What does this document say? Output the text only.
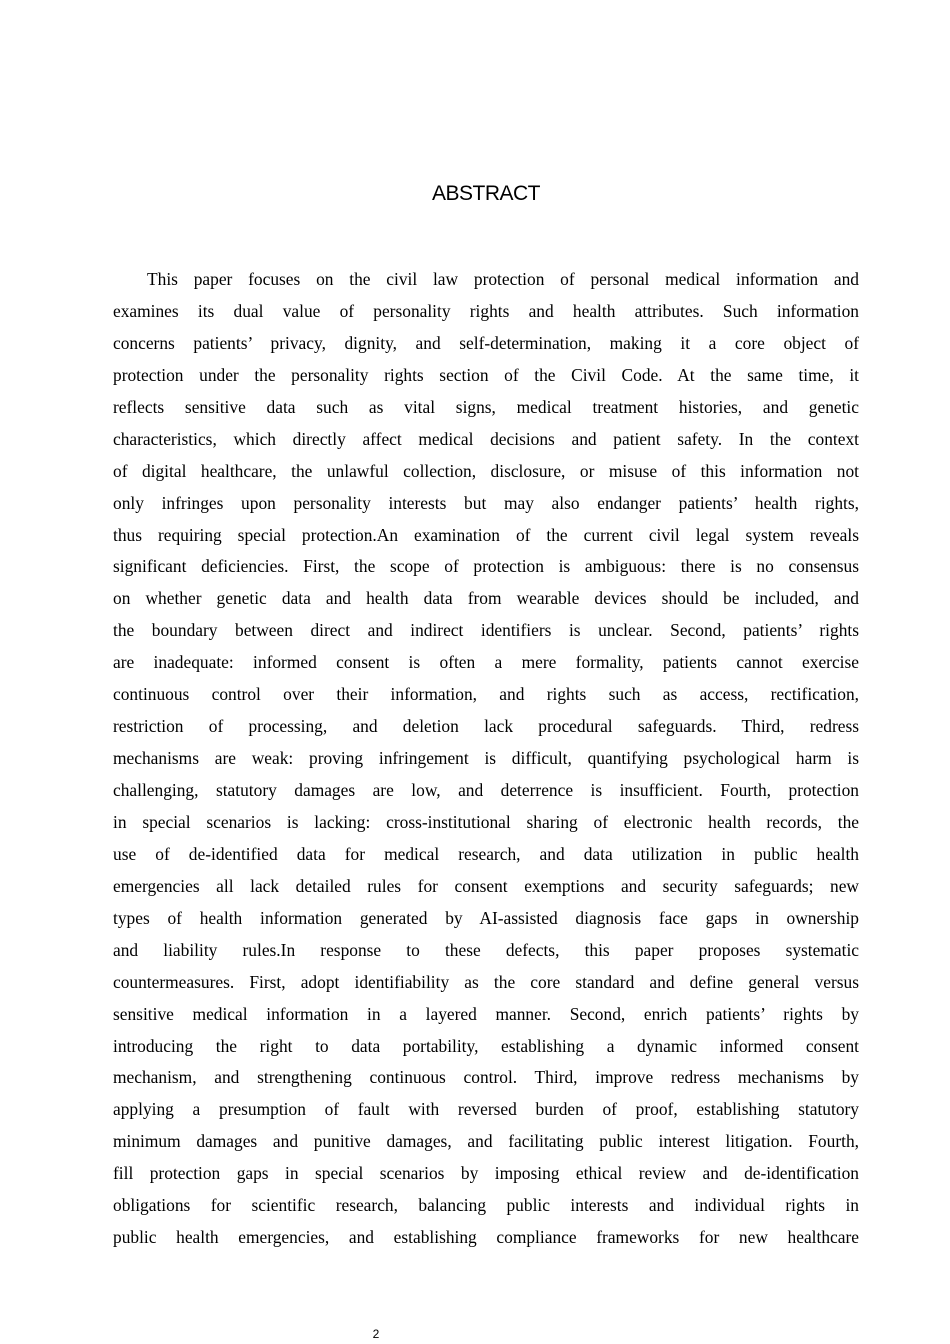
ABSTRACT
This paper focuses on the civil law protection of personal medical information and
examines its dual value of personality rights and health attributes. Such information
concerns patients’ privacy, dignity, and self-determination, making it a core object of
protection under the personality rights section of the Civil Code. At the same time, it
reflects sensitive data such as vital signs, medical treatment histories, and genetic
characteristics, which directly affect medical decisions and patient safety. In the context
of digital healthcare, the unlawful collection, disclosure, or misuse of this information not
only infringes upon personality interests but may also endanger patients’ health rights,
thus requiring special protection.An examination of the current civil legal system reveals
significant deficiencies. First, the scope of protection is ambiguous: there is no consensus
on whether genetic data and health data from wearable devices should be included, and
the boundary between direct and indirect identifiers is unclear. Second, patients’ rights
are inadequate: informed consent is often a mere formality, patients cannot exercise
continuous control over their information, and rights such as access, rectification,
restriction of processing, and deletion lack procedural safeguards. Third, redress
mechanisms are weak: proving infringement is difficult, quantifying psychological harm is
challenging, statutory damages are low, and deterrence is insufficient. Fourth, protection
in special scenarios is lacking: cross-institutional sharing of electronic health records, the
use of de-identified data for medical research, and data utilization in public health
emergencies all lack detailed rules for consent exemptions and security safeguards; new
types of health information generated by AI-assisted diagnosis face gaps in ownership
and liability rules.In response to these defects, this paper proposes systematic
countermeasures. First, adopt identifiability as the core standard and define general versus
sensitive medical information in a layered manner. Second, enrich patients’ rights by
introducing the right to data portability, establishing a dynamic informed consent
mechanism, and strengthening continuous control. Third, improve redress mechanisms by
applying a presumption of fault with reversed burden of proof, establishing statutory
minimum damages and punitive damages, and facilitating public interest litigation. Fourth,
fill protection gaps in special scenarios by imposing ethical review and de-identification
obligations for scientific research, balancing public interests and individual rights in
public health emergencies, and establishing compliance frameworks for new healthcare
2
